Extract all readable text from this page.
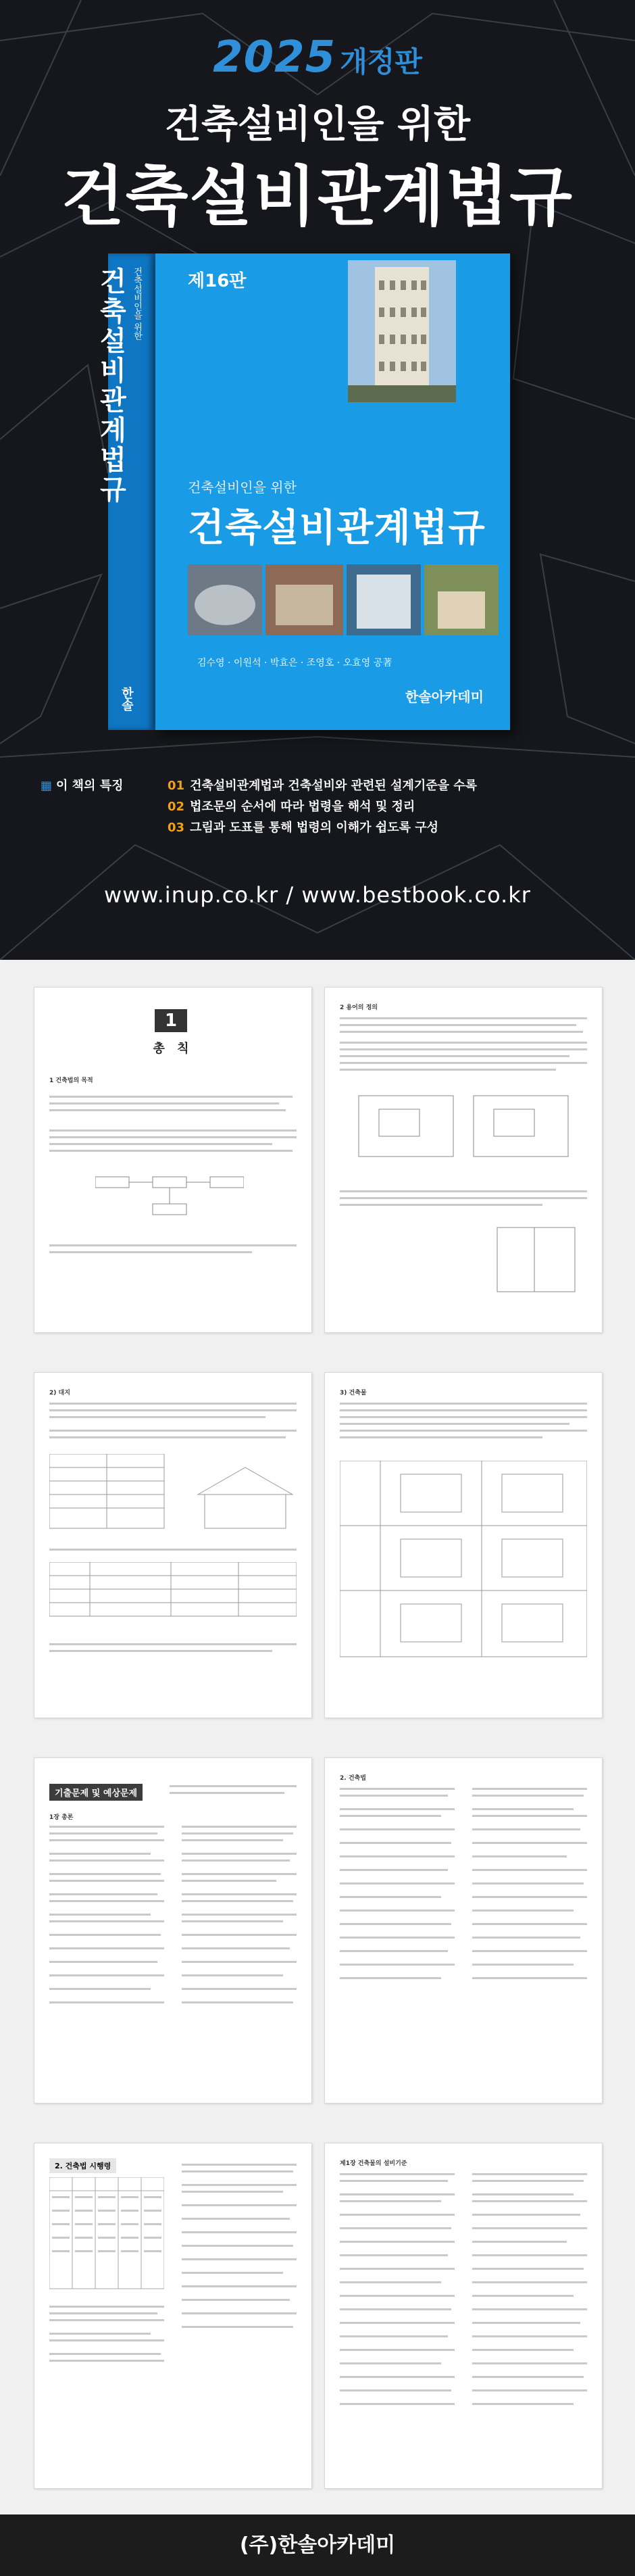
2025 개정판
건축설비인을 위한
건축설비관계법규
건축설비인을 위한
건축설비관계법규
한솔
제16판
건축설비인을 위한
건축설비관계법규
김수영 · 이원석 · 박효은 · 조영호 · 오효영 공著
한솔아카데미
▦ 이 책의 특징	01 건축설비관계법과 건축설비와 관련된 설계기준을 수록
02 법조문의 순서에 따라 법령을 해석 및 정리
03 그림과 도표를 통해 법령의 이해가 쉽도록 구성
www.inup.co.kr / www.bestbook.co.kr
1
총 칙
1 건축법의 목적
2 용어의 정의
2) 대지	3) 건축물
기출문제 및 예상문제
1장 총론
2. 건축법
2. 건축법 시행령	제1장 건축물의 설비기준
(주)한솔아카데미
